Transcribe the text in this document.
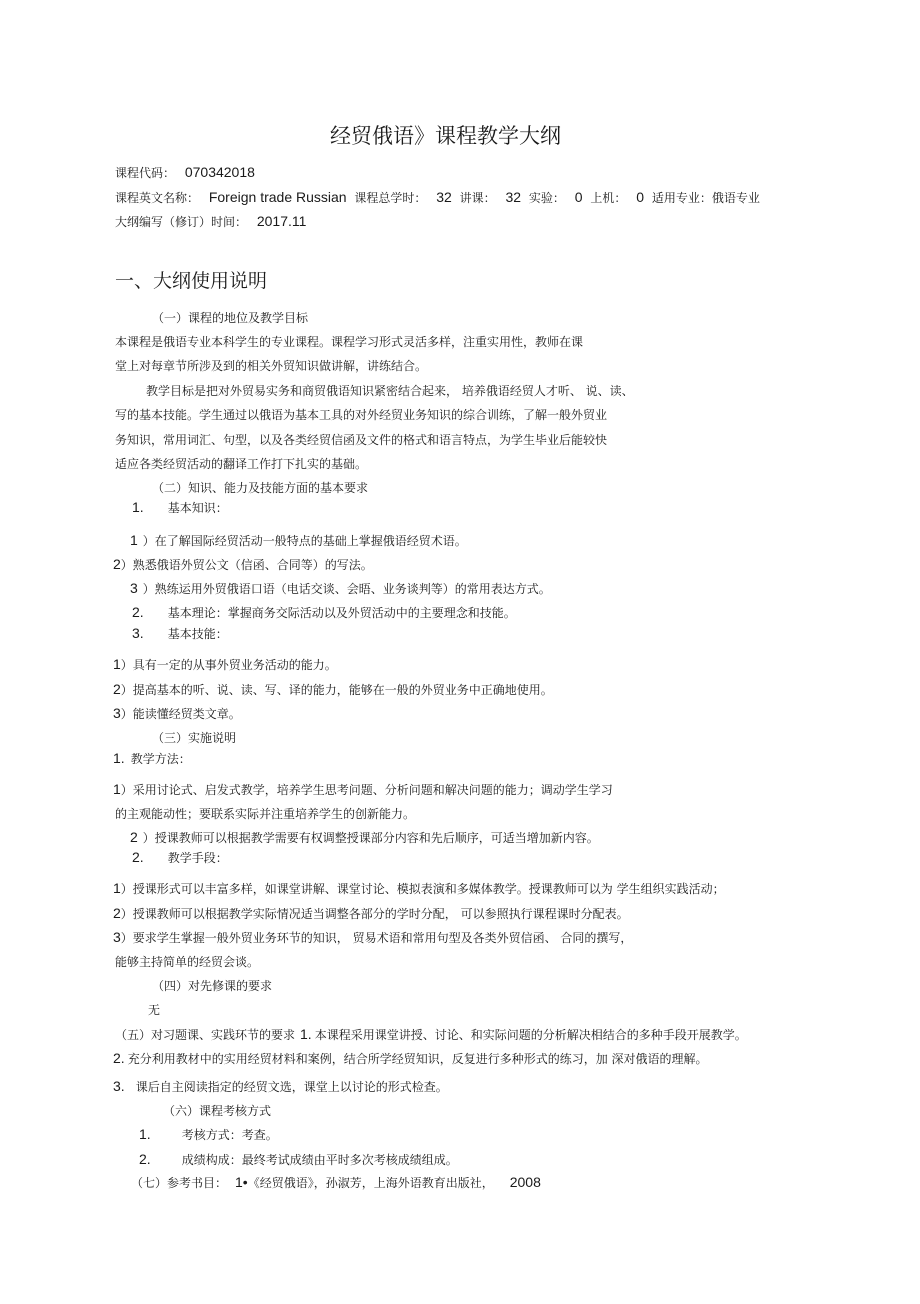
经贸俄语》课程教学大纲
课程代码： 070342018
课程英文名称： Foreign trade Russian 课程总学时： 32 讲课： 32 实验： 0 上机： 0 适用专业：俄语专业
大纲编写（修订）时间： 2017.11
一、大纲使用说明
（一）课程的地位及教学目标
本课程是俄语专业本科学生的专业课程。课程学习形式灵活多样，注重实用性，教师在课
堂上对每章节所涉及到的相关外贸知识做讲解，讲练结合。
教学目标是把对外贸易实务和商贸俄语知识紧密结合起来， 培养俄语经贸人才听、 说、读、
写的基本技能。学生通过以俄语为基本工具的对外经贸业务知识的综合训练，了解一般外贸业
务知识，常用词汇、句型，以及各类经贸信函及文件的格式和语言特点，为学生毕业后能较快
适应各类经贸活动的翻译工作打下扎实的基础。
（二）知识、能力及技能方面的基本要求
1. 基本知识：
1 ）在了解国际经贸活动一般特点的基础上掌握俄语经贸术语。
2）熟悉俄语外贸公文（信函、合同等）的写法。
3 ）熟练运用外贸俄语口语（电话交谈、会晤、业务谈判等）的常用表达方式。
2. 基本理论：掌握商务交际活动以及外贸活动中的主要理念和技能。
3. 基本技能：
1）具有一定的从事外贸业务活动的能力。
2）提高基本的听、说、读、写、译的能力，能够在一般的外贸业务中正确地使用。
3）能读懂经贸类文章。
（三）实施说明
1. 教学方法：
1）采用讨论式、启发式教学，培养学生思考问题、分析问题和解决问题的能力；调动学生学习
的主观能动性；要联系实际并注重培养学生的创新能力。
2 ）授课教师可以根据教学需要有权调整授课部分内容和先后顺序，可适当增加新内容。
2. 教学手段：
1）授课形式可以丰富多样，如课堂讲解、课堂讨论、模拟表演和多媒体教学。授课教师可以为 学生组织实践活动；
2）授课教师可以根据教学实际情况适当调整各部分的学时分配， 可以参照执行课程课时分配表。
3）要求学生掌握一般外贸业务环节的知识， 贸易术语和常用句型及各类外贸信函、 合同的撰写，
能够主持简单的经贸会谈。
（四）对先修课的要求
无
（五）对习题课、实践环节的要求 1. 本课程采用课堂讲授、讨论、和实际问题的分析解决相结合的多种手段开展教学。
2. 充分利用教材中的实用经贸材料和案例，结合所学经贸知识，反复进行多种形式的练习，加 深对俄语的理解。
3. 课后自主阅读指定的经贸文选，课堂上以讨论的形式检查。
（六）课程考核方式
1.	考核方式：考查。
2.	成绩构成：最终考试成绩由平时多次考核成绩组成。
（七）参考书目： 1•《经贸俄语》，孙淑芳，上海外语教育出版社， 2008
